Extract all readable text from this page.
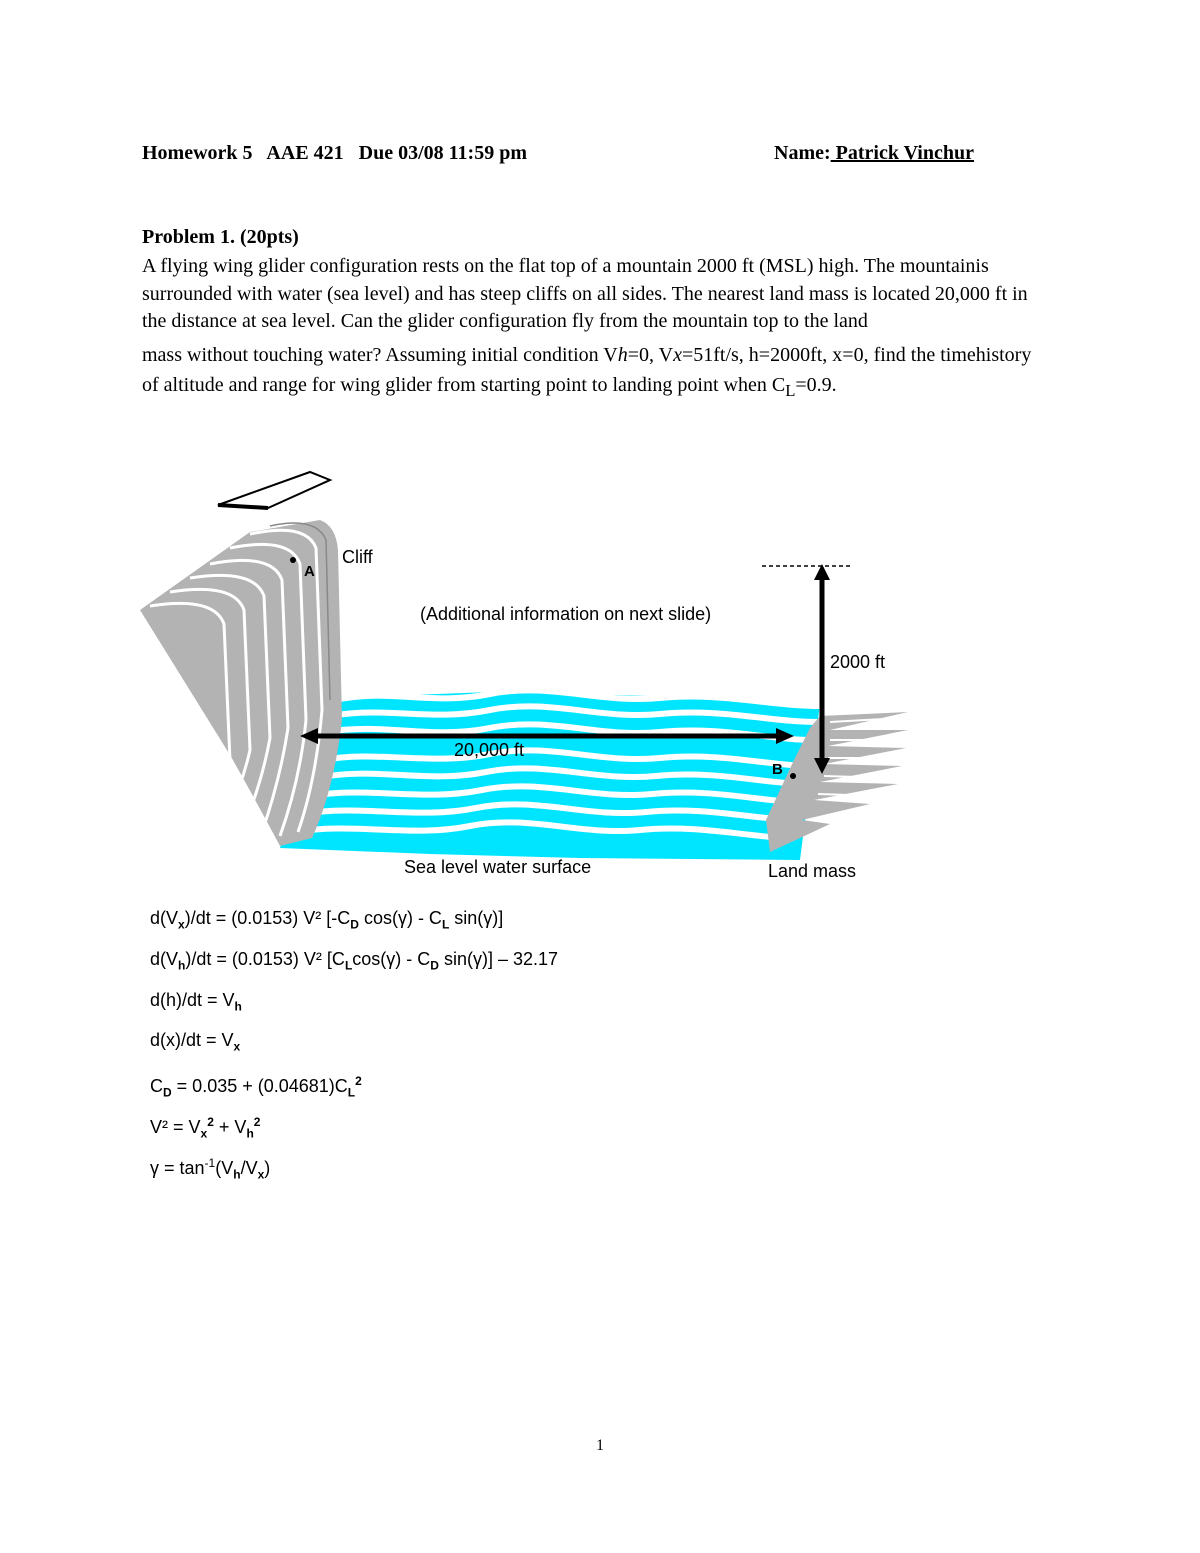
Homework 5   AAE 421   Due 03/08 11:59 pm	Name: Patrick Vinchur
Problem 1. (20pts)

A flying wing glider configuration rests on the flat top of a mountain 2000 ft (MSL) high. The mountainis surrounded with water (sea level) and has steep cliffs on all sides. The nearest land mass is located 20,000 ft in the distance at sea level. Can the glider configuration fly from the mountain top to the land

mass without touching water? Assuming initial condition Vh=0, Vx=51ft/s, h=2000ft, x=0, find the timehistory of altitude and range for wing glider from starting point to landing point when $C_L=0.9$.

A
B
Cliff
(Additional information on next slide)
2000 ft
20,000 ft
Sea level water surface	Land mass
$d(V_x)/dt = (0.0153)$ V² [$-C_D$ $\cos(\gamma) - C_L$ sin(γ)]
$d(V_h)/dt = (0.0153)$ V² [$C_L\cos(\gamma) - C_D$ sin(γ)] – 32.17
$d(h)/dt = V_h$
$d(x)/dt = V_x$
$C_D = 0.035 + (0.04681)C_L^2$
$V^2 = V_x^2 + V_h^2$
$\gamma = \tan^{-1}(V_h/V_x)$
1
